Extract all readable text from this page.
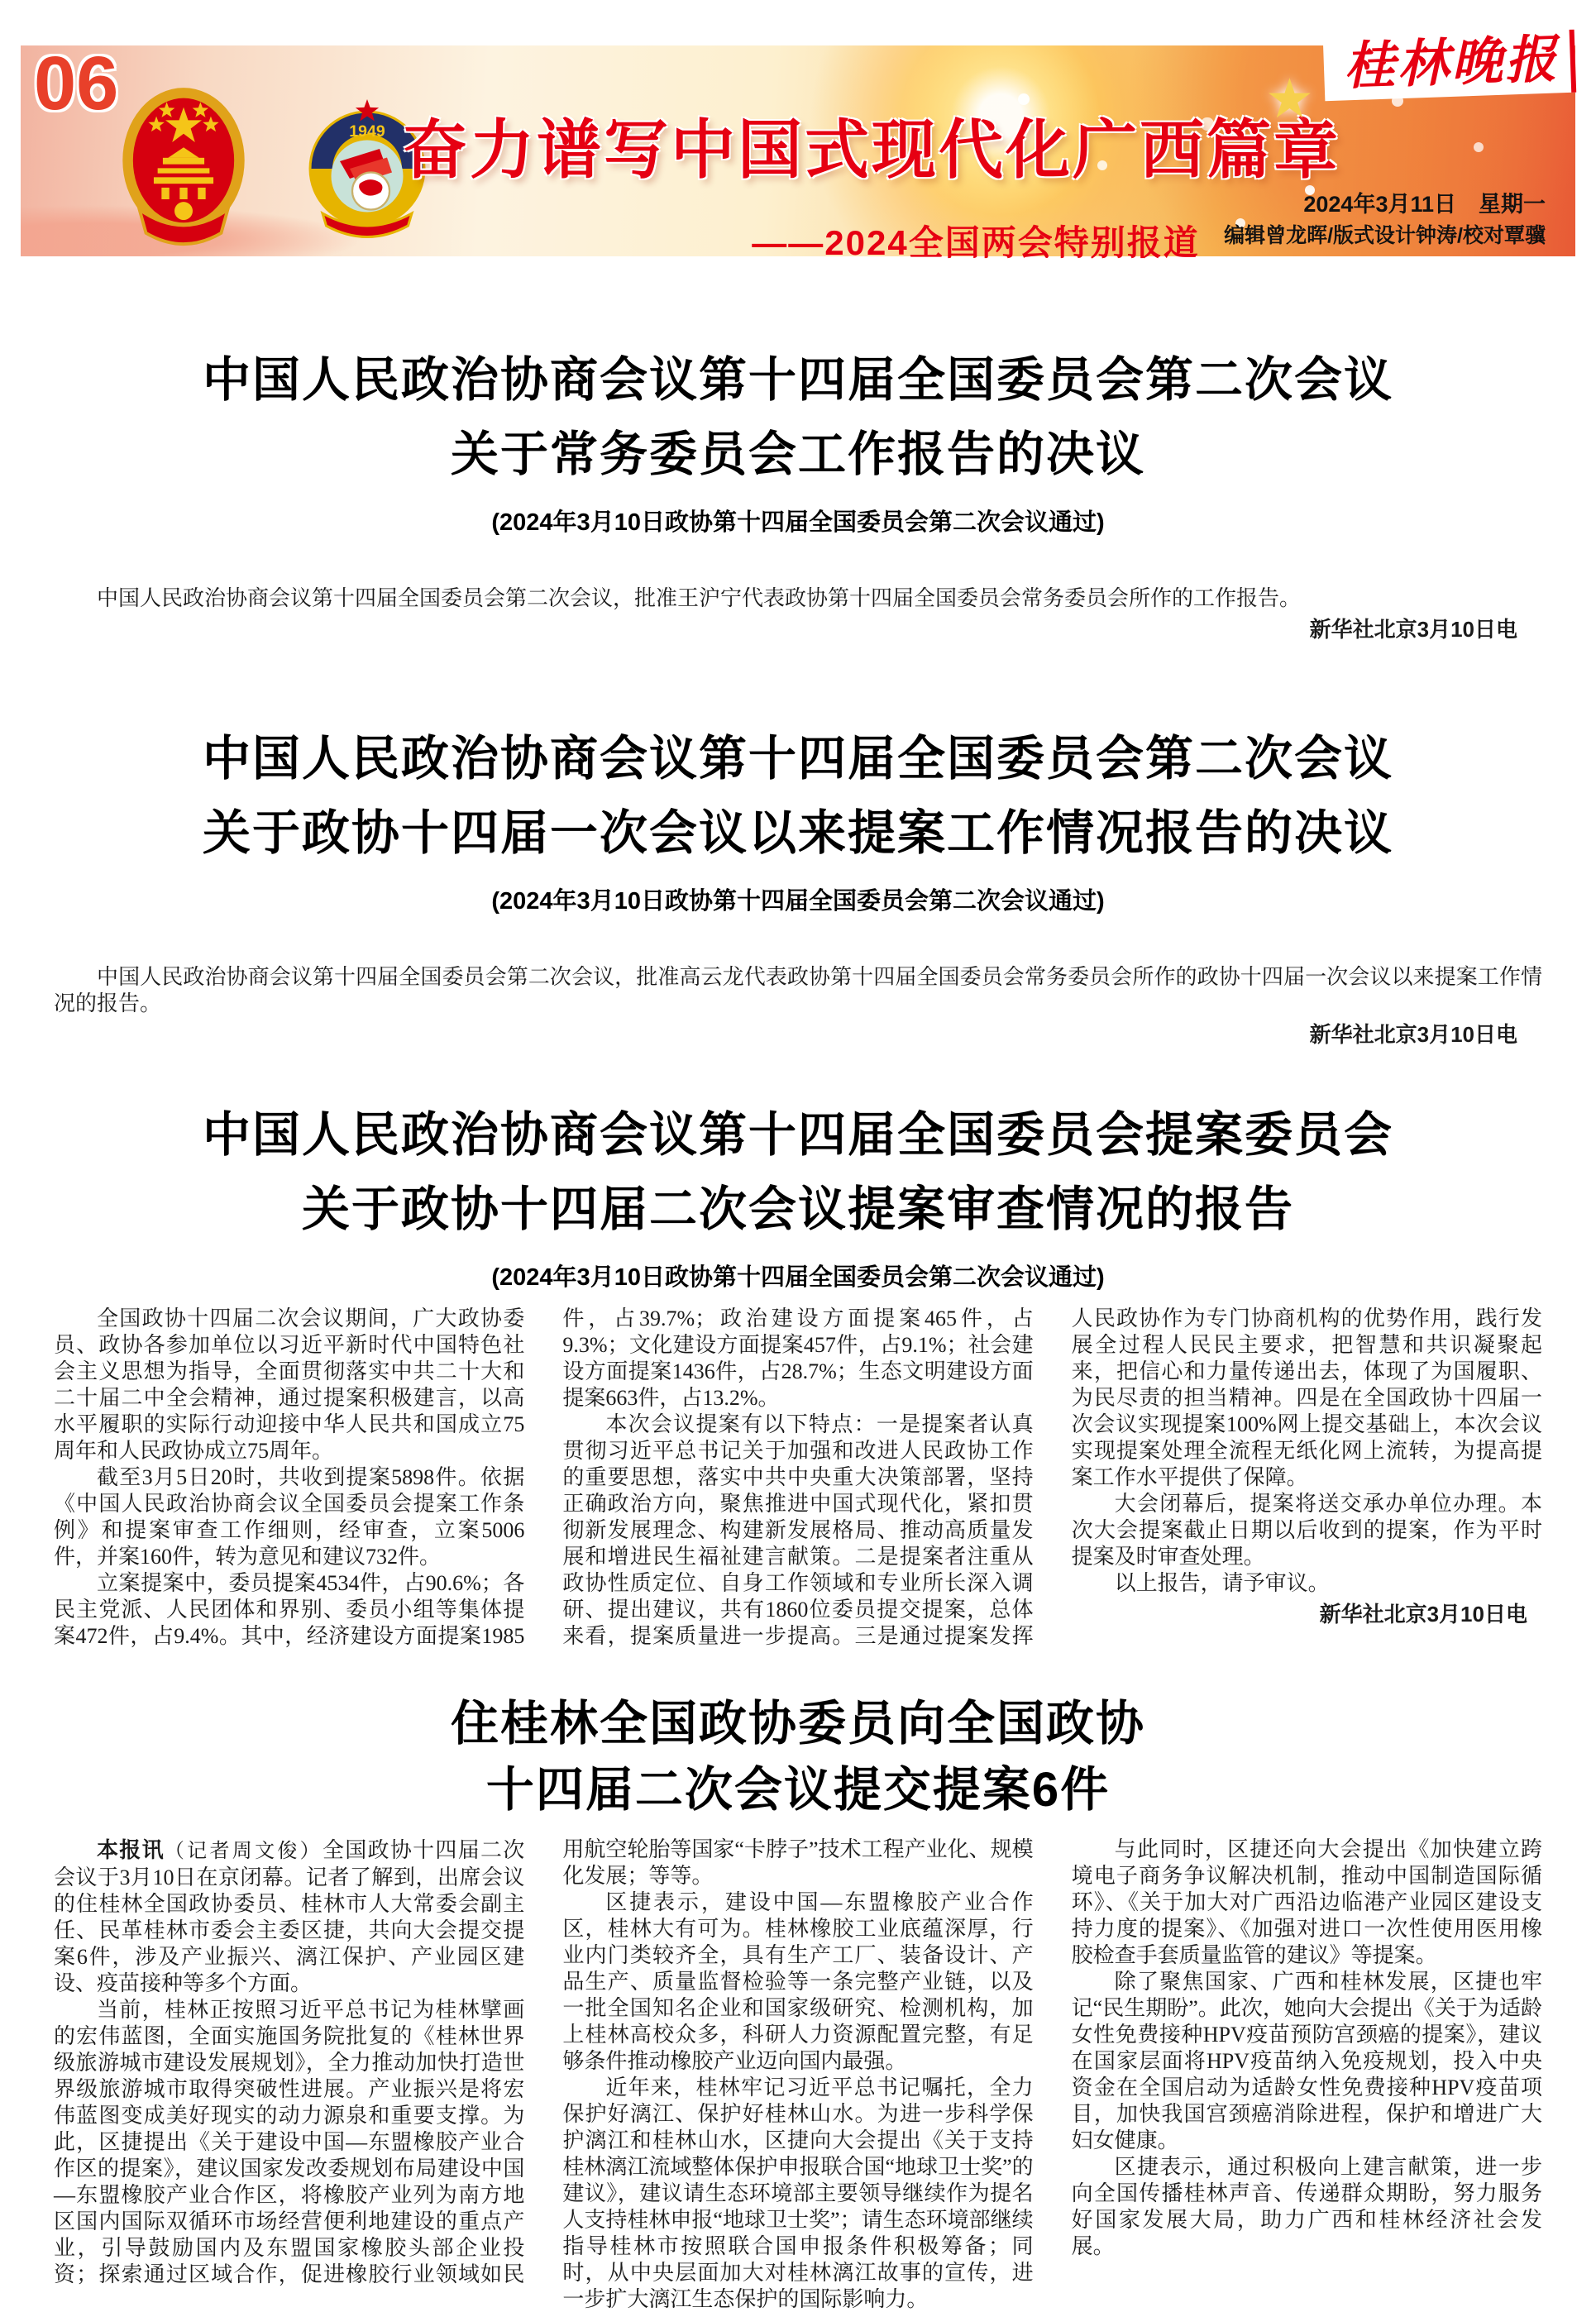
06
1949 奋力谱写中国式现代化广西篇章
——2024全国两会特别报道
★
桂林晚报
2024年3月11日　星期一
编辑曾龙晖/版式设计钟涛/校对覃骥
中国人民政治协商会议第十四届全国委员会第二次会议
关于常务委员会工作报告的决议
(2024年3月10日政协第十四届全国委员会第二次会议通过)

中国人民政治协商会议第十四届全国委员会第二次会议，批准王沪宁代表政协第十四届全国委员会常务委员会所作的工作报告。

新华社北京3月10日电

中国人民政治协商会议第十四届全国委员会第二次会议
关于政协十四届一次会议以来提案工作情况报告的决议
(2024年3月10日政协第十四届全国委员会第二次会议通过)

中国人民政治协商会议第十四届全国委员会第二次会议，批准高云龙代表政协第十四届全国委员会常务委员会所作的政协十四届一次会议以来提案工作情况的报告。

新华社北京3月10日电

中国人民政治协商会议第十四届全国委员会提案委员会
关于政协十四届二次会议提案审查情况的报告
(2024年3月10日政协第十四届全国委员会第二次会议通过)

全国政协十四届二次会议期间，广大政协委员、政协各参加单位以习近平新时代中国特色社会主义思想为指导，全面贯彻落实中共二十大和二十届二中全会精神，通过提案积极建言，以高水平履职的实际行动迎接中华人民共和国成立75周年和人民政协成立75周年。

截至3月5日20时，共收到提案5898件。依据《中国人民政治协商会议全国委员会提案工作条例》和提案审查工作细则，经审查，立案5006件，并案160件，转为意见和建议732件。

立案提案中，委员提案4534件，占90.6%；各民主党派、人民团体和界别、委员小组等集体提案472件，占9.4%。其中，经济建设方面提案1985件，占39.7%；政治建设方面提案465件，占9.3%；文化建设方面提案457件，占9.1%；社会建设方面提案1436件，占28.7%；生态文明建设方面提案663件，占13.2%。

本次会议提案有以下特点：一是提案者认真贯彻习近平总书记关于加强和改进人民政协工作的重要思想，落实中共中央重大决策部署，坚持正确政治方向，聚焦推进中国式现代化，紧扣贯彻新发展理念、构建新发展格局、推动高质量发展和增进民生福祉建言献策。二是提案者注重从政协性质定位、自身工作领域和专业所长深入调研、提出建议，共有1860位委员提交提案，总体来看，提案质量进一步提高。三是通过提案发挥人民政协作为专门协商机构的优势作用，践行发展全过程人民民主要求，把智慧和共识凝聚起来，把信心和力量传递出去，体现了为国履职、为民尽责的担当精神。四是在全国政协十四届一次会议实现提案100%网上提交基础上，本次会议实现提案处理全流程无纸化网上流转，为提高提案工作水平提供了保障。

大会闭幕后，提案将送交承办单位办理。本次大会提案截止日期以后收到的提案，作为平时提案及时审查处理。

以上报告，请予审议。

新华社北京3月10日电

住桂林全国政协委员向全国政协
十四届二次会议提交提案6件

本报讯（记者周文俊）全国政协十四届二次会议于3月10日在京闭幕。记者了解到，出席会议的住桂林全国政协委员、桂林市人大常委会副主任、民革桂林市委会主委区捷，共向大会提交提案6件，涉及产业振兴、漓江保护、产业园区建设、疫苗接种等多个方面。

当前，桂林正按照习近平总书记为桂林擘画的宏伟蓝图，全面实施国务院批复的《桂林世界级旅游城市建设发展规划》，全力推动加快打造世界级旅游城市取得突破性进展。产业振兴是将宏伟蓝图变成美好现实的动力源泉和重要支撑。为此，区捷提出《关于建设中国—东盟橡胶产业合作区的提案》，建议国家发改委规划布局建设中国—东盟橡胶产业合作区，将橡胶产业列为南方地区国内国际双循环市场经营便利地建设的重点产业，引导鼓励国内及东盟国家橡胶头部企业投资；探索通过区域合作，促进橡胶行业领域如民用航空轮胎等国家“卡脖子”技术工程产业化、规模化发展；等等。

区捷表示，建设中国—东盟橡胶产业合作区，桂林大有可为。桂林橡胶工业底蕴深厚，行业内门类较齐全，具有生产工厂、装备设计、产品生产、质量监督检验等一条完整产业链，以及一批全国知名企业和国家级研究、检测机构，加上桂林高校众多，科研人力资源配置完整，有足够条件推动橡胶产业迈向国内最强。

近年来，桂林牢记习近平总书记嘱托，全力保护好漓江、保护好桂林山水。为进一步科学保护漓江和桂林山水，区捷向大会提出《关于支持桂林漓江流域整体保护申报联合国“地球卫士奖”的建议》，建议请生态环境部主要领导继续作为提名人支持桂林申报“地球卫士奖”；请生态环境部继续指导桂林市按照联合国申报条件积极筹备；同时，从中央层面加大对桂林漓江故事的宣传，进一步扩大漓江生态保护的国际影响力。

与此同时，区捷还向大会提出《加快建立跨境电子商务争议解决机制，推动中国制造国际循环》、《关于加大对广西沿边临港产业园区建设支持力度的提案》、《加强对进口一次性使用医用橡胶检查手套质量监管的建议》等提案。

除了聚焦国家、广西和桂林发展，区捷也牢记“民生期盼”。此次，她向大会提出《关于为适龄女性免费接种HPV疫苗预防宫颈癌的提案》，建议在国家层面将HPV疫苗纳入免疫规划，投入中央资金在全国启动为适龄女性免费接种HPV疫苗项目，加快我国宫颈癌消除进程，保护和增进广大妇女健康。

区捷表示，通过积极向上建言献策，进一步向全国传播桂林声音、传递群众期盼，努力服务好国家发展大局，助力广西和桂林经济社会发展。
